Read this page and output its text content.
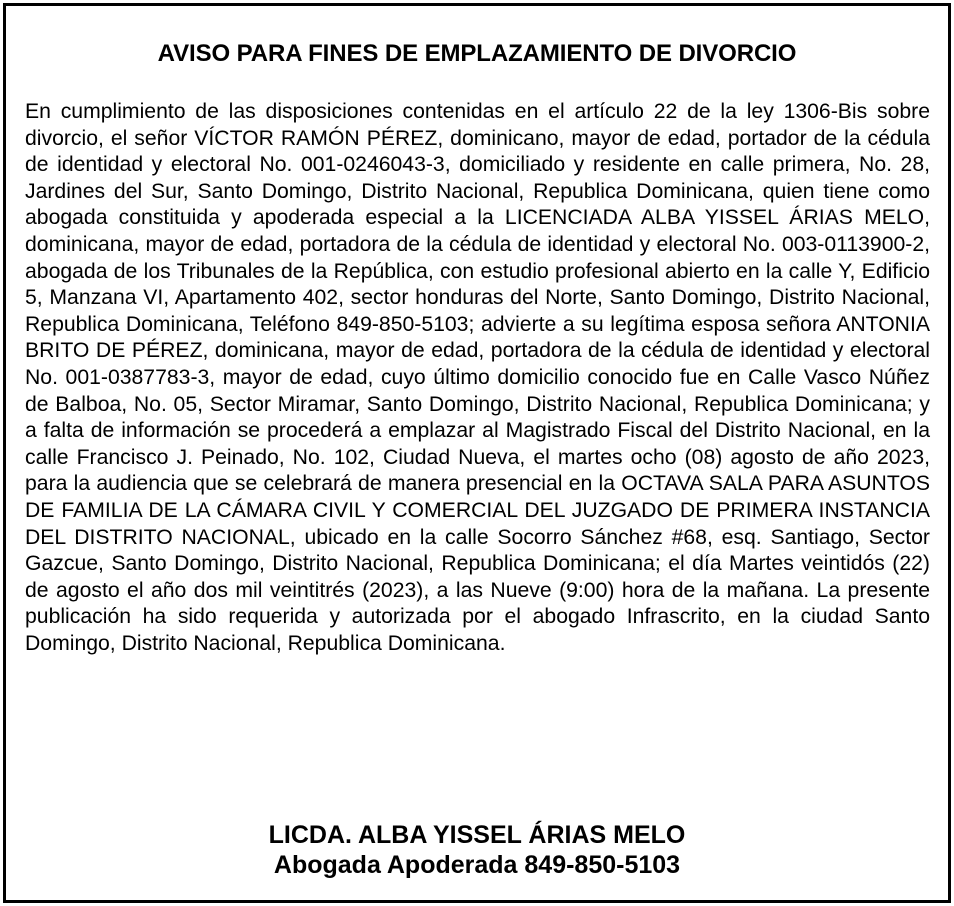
AVISO PARA FINES DE EMPLAZAMIENTO DE DIVORCIO

En cumplimiento de las disposiciones contenidas en el artículo 22 de la ley 1306-Bis sobre divorcio, el señor VÍCTOR RAMÓN PÉREZ, dominicano, mayor de edad, portador de la cédula de identidad y electoral No. 001-0246043-3, domiciliado y residente en calle primera, No. 28, Jardines del Sur, Santo Domingo, Distrito Nacional, Republica Dominicana, quien tiene como abogada constituida y apoderada especial a la LICENCIADA ALBA YISSEL ÁRIAS MELO, dominicana, mayor de edad, portadora de la cédula de identidad y electoral No. 003-0113900-2, abogada de los Tribunales de la República, con estudio profesional abierto en la calle Y, Edificio 5, Manzana VI, Apartamento 402, sector honduras del Norte, Santo Domingo, Distrito Nacional, Republica Dominicana, Teléfono 849-850-5103; advierte a su legítima esposa señora ANTONIA BRITO DE PÉREZ, dominicana, mayor de edad, portadora de la cédula de identidad y electoral No. 001-0387783-3, mayor de edad, cuyo último domicilio conocido fue en Calle Vasco Núñez de Balboa, No. 05, Sector Miramar, Santo Domingo, Distrito Nacional, Republica Dominicana; y a falta de información se procederá a emplazar al Magistrado Fiscal del Distrito Nacional, en la calle Francisco J. Peinado, No. 102, Ciudad Nueva, el martes ocho (08) agosto de año 2023, para la audiencia que se celebrará de manera presencial en la OCTAVA SALA PARA ASUNTOS DE FAMILIA DE LA CÁMARA CIVIL Y COMERCIAL DEL JUZGADO DE PRIMERA INSTANCIA DEL DISTRITO NACIONAL, ubicado en la calle Socorro Sánchez #68, esq. Santiago, Sector Gazcue, Santo Domingo, Distrito Nacional, Republica Dominicana; el día Martes veintidós (22) de agosto el año dos mil veintitrés (2023), a las Nueve (9:00) hora de la mañana. La presente publicación ha sido requerida y autorizada por el abogado Infrascrito, en la ciudad Santo Domingo, Distrito Nacional, Republica Dominicana.

LICDA. ALBA YISSEL ÁRIAS MELO
Abogada Apoderada 849-850-5103
